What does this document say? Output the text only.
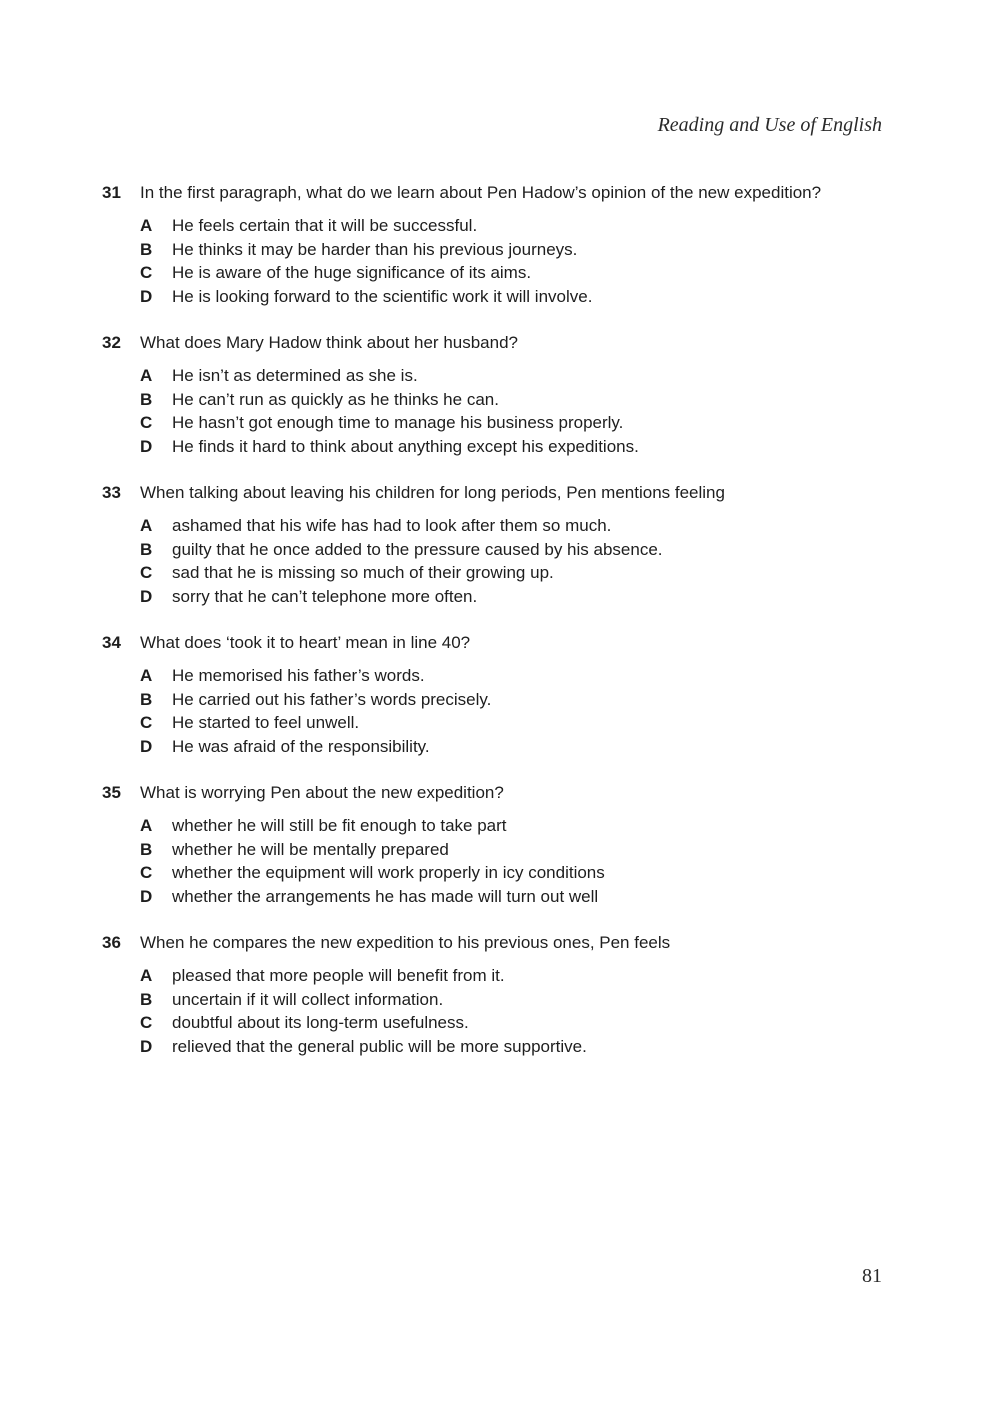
Reading and Use of English
31 In the first paragraph, what do we learn about Pen Hadow’s opinion of the new expedition?
A He feels certain that it will be successful.
B He thinks it may be harder than his previous journeys.
C He is aware of the huge significance of its aims.
D He is looking forward to the scientific work it will involve.
32 What does Mary Hadow think about her husband?
A He isn’t as determined as she is.
B He can’t run as quickly as he thinks he can.
C He hasn’t got enough time to manage his business properly.
D He finds it hard to think about anything except his expeditions.
33 When talking about leaving his children for long periods, Pen mentions feeling
A ashamed that his wife has had to look after them so much.
B guilty that he once added to the pressure caused by his absence.
C sad that he is missing so much of their growing up.
D sorry that he can’t telephone more often.
34 What does ‘took it to heart’ mean in line 40?
A He memorised his father’s words.
B He carried out his father’s words precisely.
C He started to feel unwell.
D He was afraid of the responsibility.
35 What is worrying Pen about the new expedition?
A whether he will still be fit enough to take part
B whether he will be mentally prepared
C whether the equipment will work properly in icy conditions
D whether the arrangements he has made will turn out well
36 When he compares the new expedition to his previous ones, Pen feels
A pleased that more people will benefit from it.
B uncertain if it will collect information.
C doubtful about its long-term usefulness.
D relieved that the general public will be more supportive.
81
